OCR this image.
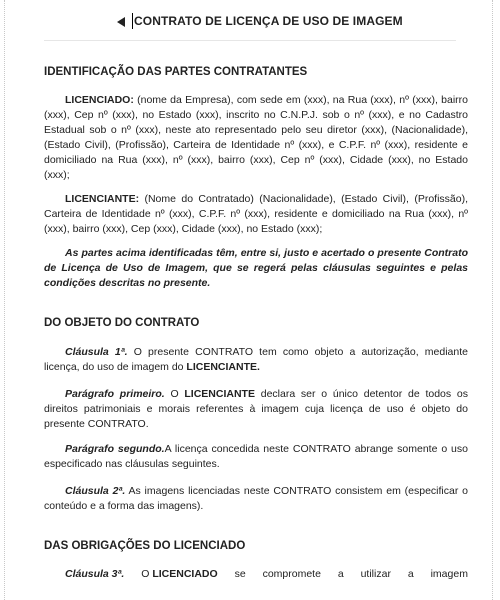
CONTRATO DE LICENÇA DE USO DE IMAGEM
IDENTIFICAÇÃO DAS PARTES CONTRATANTES

LICENCIADO: (nome da Empresa), com sede em (xxx), na Rua (xxx), nº (xxx), bairro (xxx), Cep nº (xxx), no Estado (xxx), inscrito no C.N.P.J. sob o nº (xxx), e no Cadastro Estadual sob o nº (xxx), neste ato representado pelo seu diretor (xxx), (Nacionalidade), (Estado Civil), (Profissão), Carteira de Identidade nº (xxx), e C.P.F. nº (xxx), residente e domiciliado na Rua (xxx), nº (xxx), bairro (xxx), Cep nº (xxx), Cidade (xxx), no Estado (xxx);

LICENCIANTE: (Nome do Contratado) (Nacionalidade), (Estado Civil), (Profissão), Carteira de Identidade nº (xxx), C.P.F. nº (xxx), residente e domiciliado na Rua (xxx), nº (xxx), bairro (xxx), Cep (xxx), Cidade (xxx), no Estado (xxx);

As partes acima identificadas têm, entre si, justo e acertado o presente Contrato de Licença de Uso de Imagem, que se regerá pelas cláusulas seguintes e pelas condições descritas no presente.

DO OBJETO DO CONTRATO

Cláusula 1ª. O presente CONTRATO tem como objeto a autorização, mediante licença, do uso de imagem do LICENCIANTE.

Parágrafo primeiro. O LICENCIANTE declara ser o único detentor de todos os direitos patrimoniais e morais referentes à imagem cuja licença de uso é objeto do presente CONTRATO.

Parágrafo segundo.A licença concedida neste CONTRATO abrange somente o uso especificado nas cláusulas seguintes.

Cláusula 2ª. As imagens licenciadas neste CONTRATO consistem em (especificar o conteúdo e a forma das imagens).

DAS OBRIGAÇÕES DO LICENCIADO
Cláusula 3ª. O LICENCIADO se compromete a utilizar a imagem
